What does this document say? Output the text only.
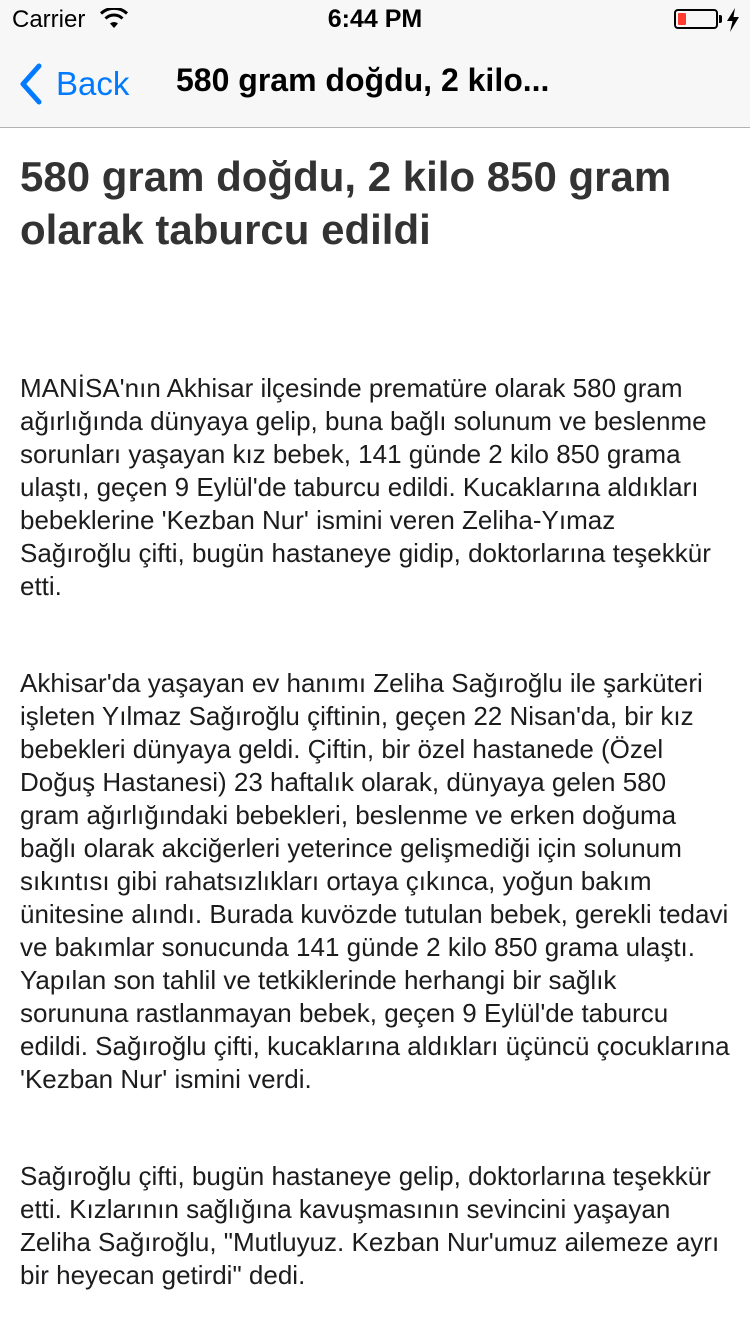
Carrier	6:44 PM
Back 580 gram doğdu, 2 kilo...
580 gram doğdu, 2 kilo 850 gram olarak taburcu edildi

MANİSA'nın Akhisar ilçesinde prematüre olarak 580 gram ağırlığında dünyaya gelip, buna bağlı solunum ve beslenme sorunları yaşayan kız bebek, 141 günde 2 kilo 850 grama ulaştı, geçen 9 Eylül'de taburcu edildi. Kucaklarına aldıkları bebeklerine 'Kezban Nur' ismini veren Zeliha-Yımaz Sağıroğlu çifti, bugün hastaneye gidip, doktorlarına teşekkür etti.

Akhisar'da yaşayan ev hanımı Zeliha Sağıroğlu ile şarküteri işleten Yılmaz Sağıroğlu çiftinin, geçen 22 Nisan'da, bir kız bebekleri dünyaya geldi. Çiftin, bir özel hastanede (Özel Doğuş Hastanesi) 23 haftalık olarak, dünyaya gelen 580 gram ağırlığındaki bebekleri, beslenme ve erken doğuma bağlı olarak akciğerleri yeterince gelişmediği için solunum sıkıntısı gibi rahatsızlıkları ortaya çıkınca, yoğun bakım ünitesine alındı. Burada kuvözde tutulan bebek, gerekli tedavi ve bakımlar sonucunda 141 günde 2 kilo 850 grama ulaştı. Yapılan son tahlil ve tetkiklerinde herhangi bir sağlık sorununa rastlanmayan bebek, geçen 9 Eylül'de taburcu edildi. Sağıroğlu çifti, kucaklarına aldıkları üçüncü çocuklarına 'Kezban Nur' ismini verdi.

Sağıroğlu çifti, bugün hastaneye gelip, doktorlarına teşekkür etti. Kızlarının sağlığına kavuşmasının sevincini yaşayan Zeliha Sağıroğlu, "Mutluyuz. Kezban Nur'umuz ailemeze ayrı bir heyecan getirdi" dedi.
